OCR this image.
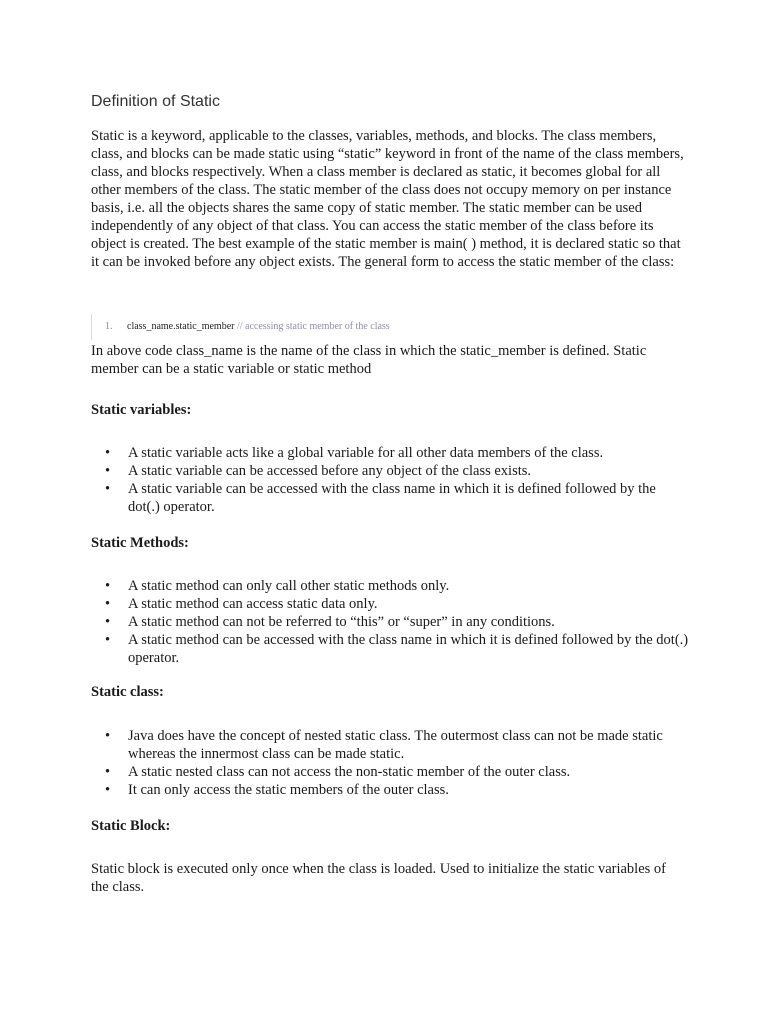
Definition of Static

Static is a keyword, applicable to the classes, variables, methods, and blocks. The class members, class, and blocks can be made static using “static” keyword in front of the name of the class members, class, and blocks respectively. When a class member is declared as static, it becomes global for all other members of the class. The static member of the class does not occupy memory on per instance basis, i.e. all the objects shares the same copy of static member. The static member can be used independently of any object of that class. You can access the static member of the class before its object is created. The best example of the static member is main( ) method, it is declared static so that it can be invoked before any object exists. The general form to access the static member of the class:

1. class_name.static_member // accessing static member of the class

In above code class_name is the name of the class in which the static_member is defined. Static member can be a static variable or static method

Static variables:
• A static variable acts like a global variable for all other data members of the class.
• A static variable can be accessed before any object of the class exists.
• A static variable can be accessed with the class name in which it is defined followed by the dot(.) operator.
Static Methods:
• A static method can only call other static methods only.
• A static method can access static data only.
• A static method can not be referred to “this” or “super” in any conditions.
• A static method can be accessed with the class name in which it is defined followed by the dot(.) operator.
Static class:
• Java does have the concept of nested static class. The outermost class can not be made static whereas the innermost class can be made static.
• A static nested class can not access the non-static member of the outer class.
• It can only access the static members of the outer class.
Static Block:

Static block is executed only once when the class is loaded. Used to initialize the static variables of the class.
